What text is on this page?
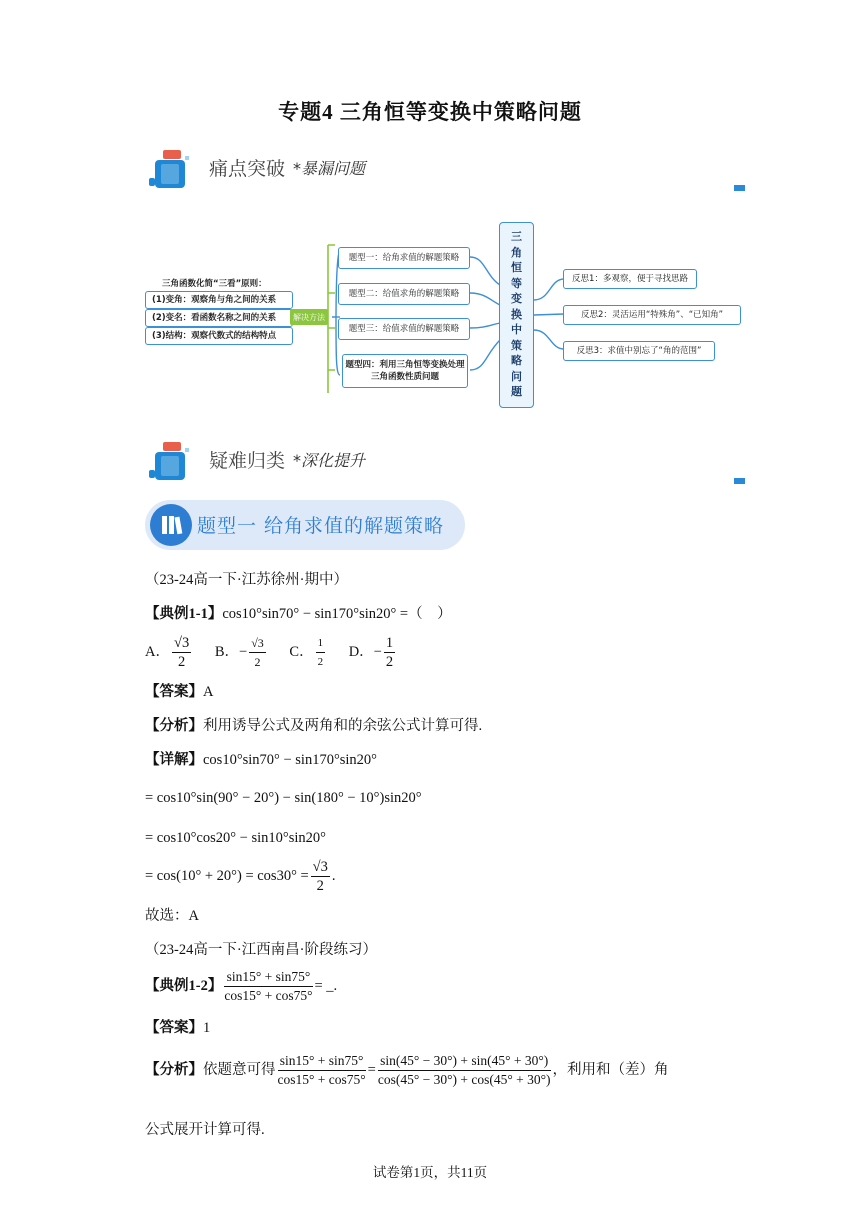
专题4 三角恒等变换中策略问题
痛点突破 *暴漏问题
三角函数化简“三看”原则：
(1)变角：观察角与角之间的关系
(2)变名：看函数名称之间的关系
(3)结构：观察代数式的结构特点
解决方法
题型一：给角求值的解题策略
题型二：给值求角的解题策略
题型三：给值求值的解题策略
题型四：利用三角恒等变换处理三角函数性质问题
三
角
恒
等
变
换
中
策
略
问
题
反思1：多观察，便于寻找思路
反思2：灵活运用“特殊角”、“已知角”
反思3：求值中别忘了“角的范围”
疑难归类 *深化提升
题型一 给角求值的解题策略
（23-24高一下·江苏徐州·期中）
【典例1-1】cos10°sin70° − sin170°sin20° =（　）
A． $\frac{√3}{2}$ B．− $\frac{√3}{2}$ C． $\frac{1}{2}$ D．− $\frac{1}{2}$
【答案】A
【分析】利用诱导公式及两角和的余弦公式计算可得.
【详解】cos10°sin70° − sin170°sin20°
= cos10°sin(90° − 20°) − sin(180° − 10°)sin20°
= cos10°cos20° − sin10°sin20°
= $\cos(10^\circ + 20^\circ) = \cos 30^\circ = \frac{√3}{2}$ .
故选：A
（23-24高一下·江西南昌·阶段练习）
【典例1-2】 $\frac{\sin 15^\circ + \sin 75^\circ}{\cos 15^\circ + \cos 75^\circ}$ = _.
【答案】1
【分析】依题意可得 $\frac{\sin 15^\circ + \sin 75^\circ}{\cos 15^\circ + \cos 75^\circ} = \frac{\sin(45^\circ - 30^\circ) + \sin(45^\circ + 30^\circ)}{\cos(45^\circ - 30^\circ) + \cos(45^\circ + 30^\circ)}$ ，利用和（差）角
公式展开计算可得.
试卷第1页，共11页
